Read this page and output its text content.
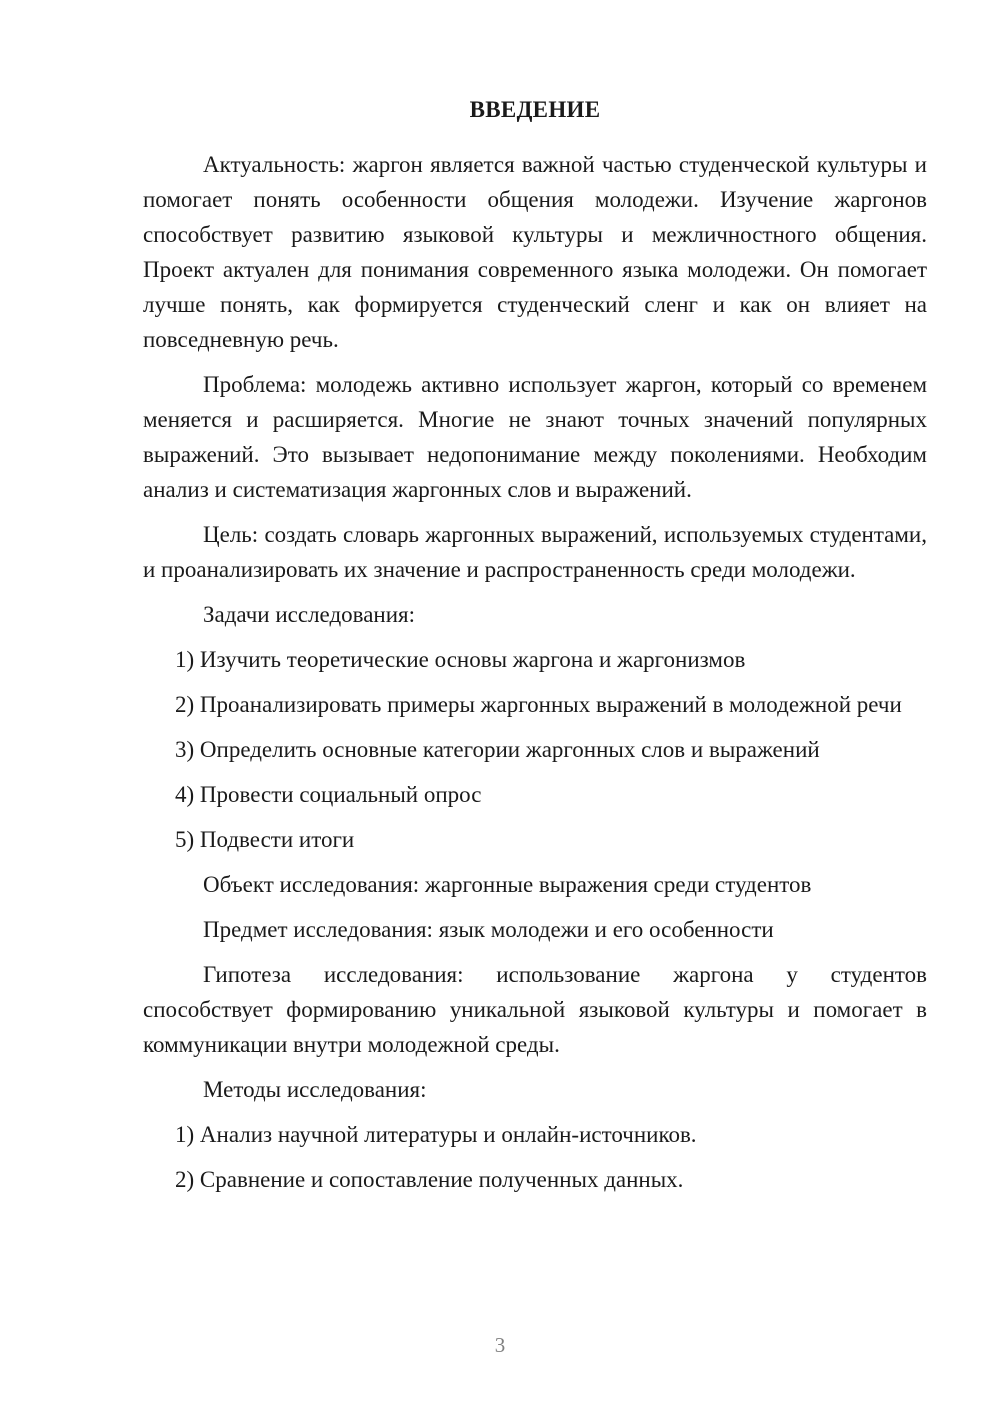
ВВЕДЕНИЕ

Актуальность: жаргон является важной частью студенческой культуры и помогает понять особенности общения молодежи. Изучение жаргонов способствует развитию языковой культуры и межличностного общения. Проект актуален для понимания современного языка молодежи. Он помогает лучше понять, как формируется студенческий сленг и как он влияет на повседневную речь.

Проблема: молодежь активно использует жаргон, который со временем меняется и расширяется. Многие не знают точных значений популярных выражений. Это вызывает недопонимание между поколениями. Необходим анализ и систематизация жаргонных слов и выражений.

Цель: создать словарь жаргонных выражений, используемых студентами, и проанализировать их значение и распространенность среди молодежи.

Задачи исследования:

1) Изучить теоретические основы жаргона и жаргонизмов

2) Проанализировать примеры жаргонных выражений в молодежной речи

3) Определить основные категории жаргонных слов и выражений

4) Провести социальный опрос

5) Подвести итоги

Объект исследования: жаргонные выражения среди студентов

Предмет исследования: язык молодежи и его особенности

Гипотеза исследования: использование жаргона у студентов способствует формированию уникальной языковой культуры и помогает в коммуникации внутри молодежной среды.

Методы исследования:

1) Анализ научной литературы и онлайн-источников.

2) Сравнение и сопоставление полученных данных.

3
